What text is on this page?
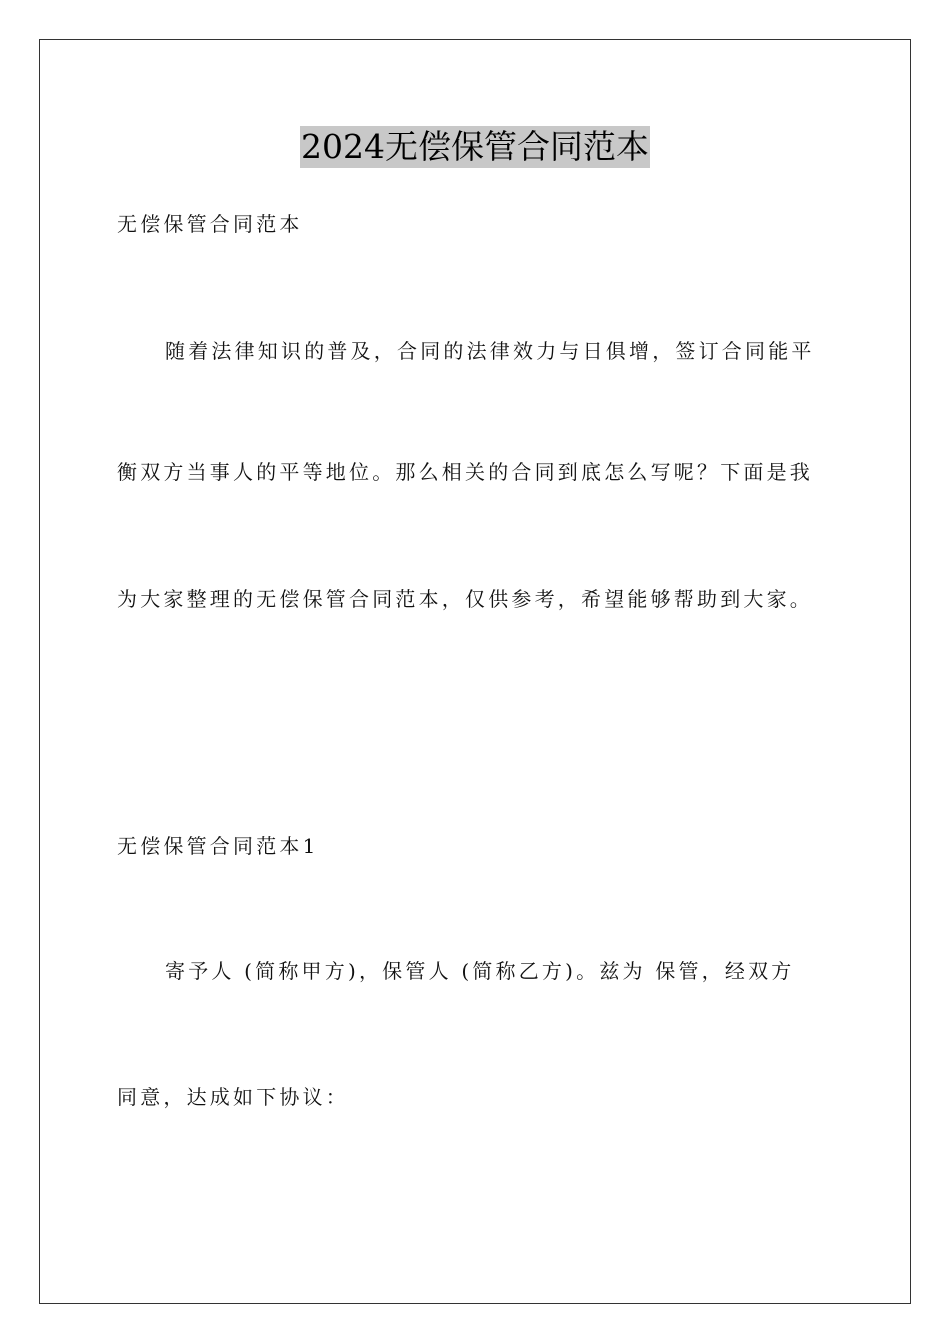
2024无偿保管合同范本
无偿保管合同范本
随着法律知识的普及，合同的法律效力与日俱增，签订合同能平
衡双方当事人的平等地位。那么相关的合同到底怎么写呢？下面是我
为大家整理的无偿保管合同范本，仅供参考，希望能够帮助到大家。
无偿保管合同范本1
寄予人 (简称甲方)，保管人 (简称乙方)。兹为 保管，经双方
同意，达成如下协议：
